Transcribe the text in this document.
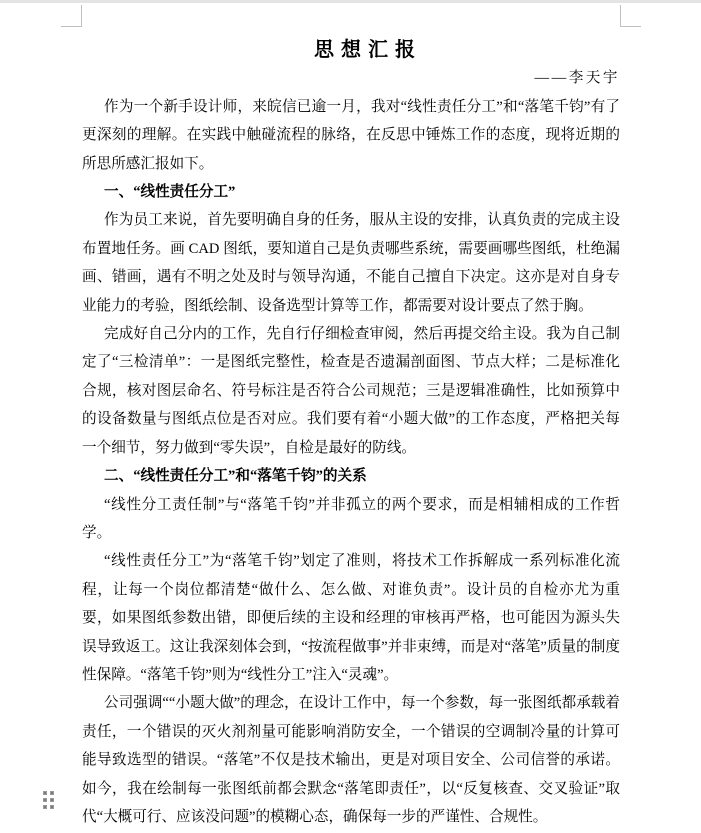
思想汇报
——李天宇

作为一个新手设计师，来皖信已逾一月，我对“线性责任分工”和“落笔千钧”有了更深刻的理解。在实践中触碰流程的脉络，在反思中锤炼工作的态度，现将近期的所思所感汇报如下。

一、“线性责任分工”

作为员工来说，首先要明确自身的任务，服从主设的安排，认真负责的完成主设布置地任务。画 CAD 图纸，要知道自己是负责哪些系统，需要画哪些图纸，杜绝漏画、错画，遇有不明之处及时与领导沟通，不能自己擅自下决定。这亦是对自身专业能力的考验，图纸绘制、设备选型计算等工作，都需要对设计要点了然于胸。

完成好自己分内的工作，先自行仔细检查审阅，然后再提交给主设。我为自己制定了“三检清单”：一是图纸完整性，检查是否遗漏剖面图、节点大样；二是标准化合规，核对图层命名、符号标注是否符合公司规范；三是逻辑准确性，比如预算中的设备数量与图纸点位是否对应。我们要有着“小题大做”的工作态度，严格把关每一个细节，努力做到“零失误”，自检是最好的防线。

二、“线性责任分工”和“落笔千钧”的关系

“线性分工责任制”与“落笔千钧”并非孤立的两个要求，而是相辅相成的工作哲学。

“线性责任分工”为“落笔千钧”划定了准则，将技术工作拆解成一系列标准化流程，让每一个岗位都清楚“做什么、怎么做、对谁负责”。设计员的自检亦尤为重要，如果图纸参数出错，即便后续的主设和经理的审核再严格，也可能因为源头失误导致返工。这让我深刻体会到，“按流程做事”并非束缚，而是对“落笔”质量的制度性保障。“落笔千钧”则为“线性分工”注入“灵魂”。

公司强调““小题大做”的理念，在设计工作中，每一个参数，每一张图纸都承载着责任，一个错误的灭火剂剂量可能影响消防安全，一个错误的空调制冷量的计算可能导致选型的错误。“落笔”不仅是技术输出，更是对项目安全、公司信誉的承诺。如今，我在绘制每一张图纸前都会默念“落笔即责任”，以“反复核查、交叉验证”取代“大概可行、应该没问题”的模糊心态，确保每一步的严谨性、合规性。
